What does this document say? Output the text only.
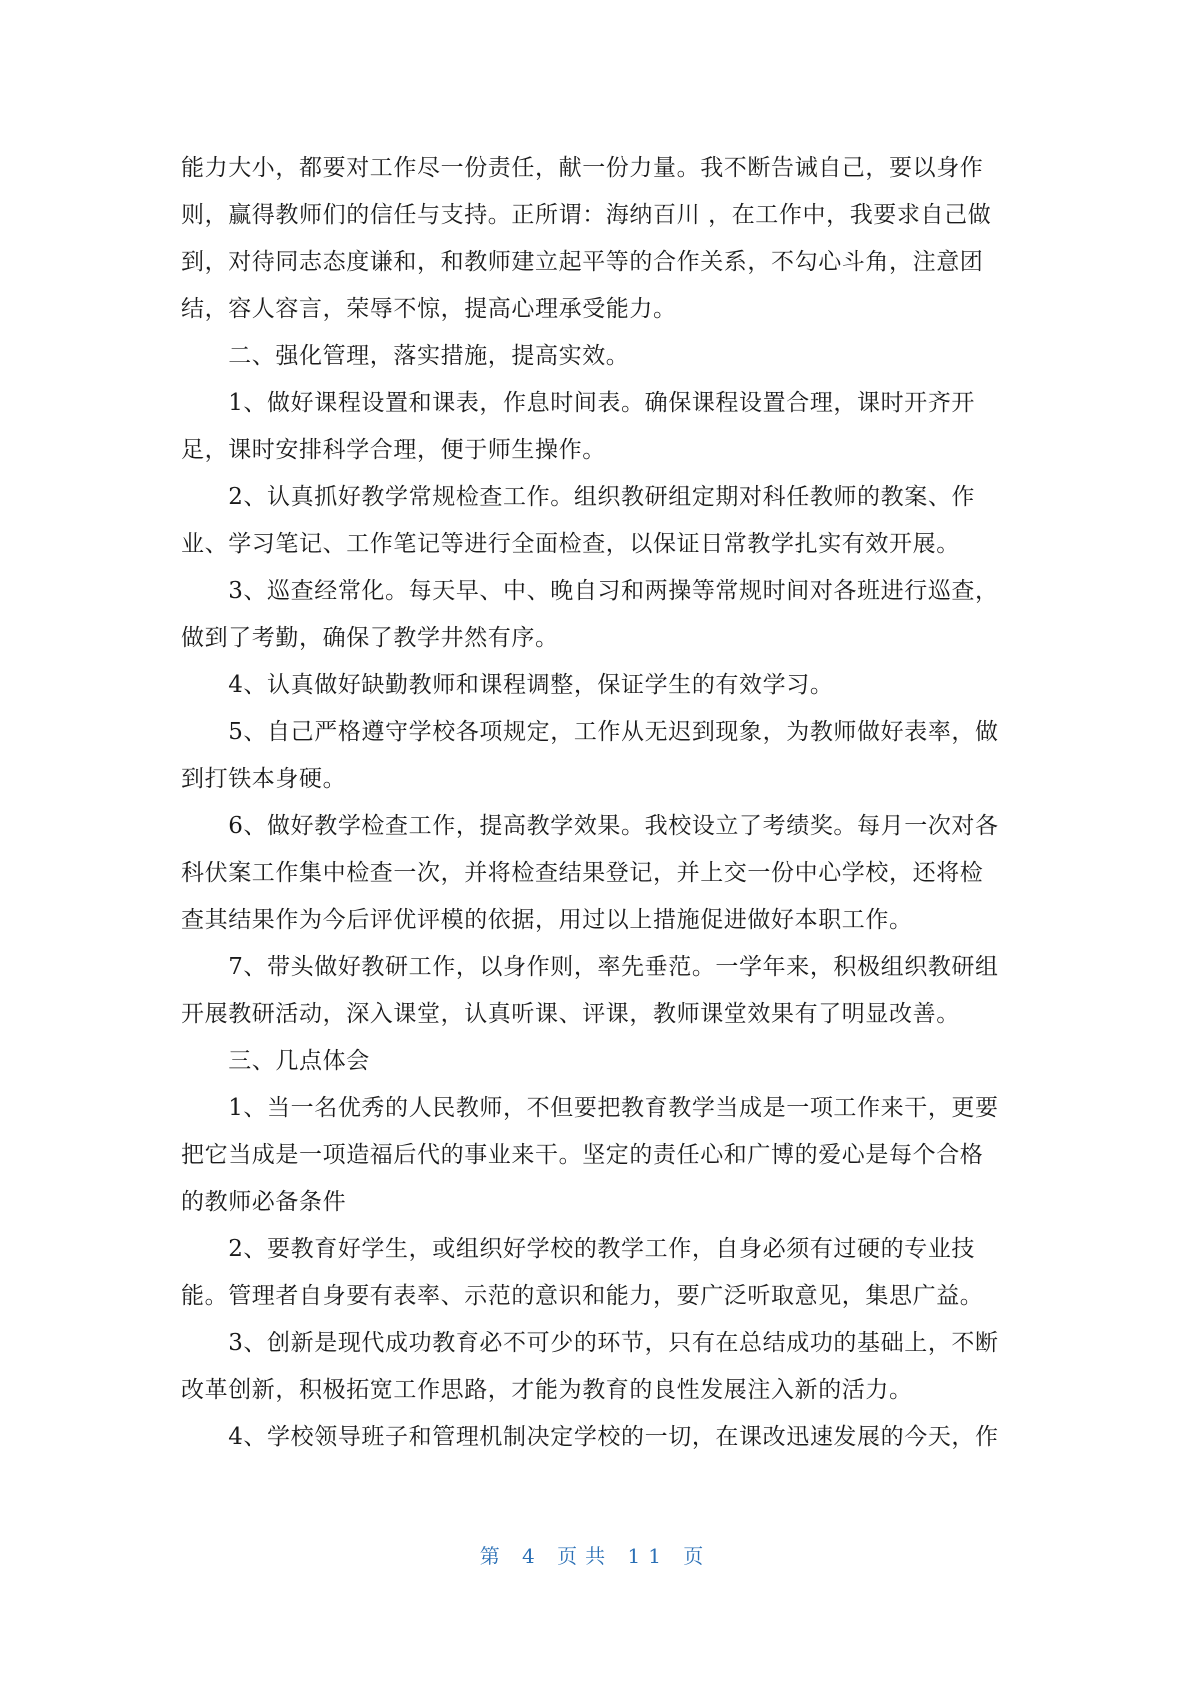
能力大小，都要对工作尽一份责任，献一份力量。我不断告诫自己，要以身作
则，赢得教师们的信任与支持。正所谓：海纳百川 ，在工作中，我要求自己做
到，对待同志态度谦和，和教师建立起平等的合作关系，不勾心斗角，注意团
结，容人容言，荣辱不惊，提高心理承受能力。
　　二、强化管理，落实措施，提高实效。
　　1、做好课程设置和课表，作息时间表。确保课程设置合理，课时开齐开
足，课时安排科学合理，便于师生操作。
　　2、认真抓好教学常规检查工作。组织教研组定期对科任教师的教案、作
业、学习笔记、工作笔记等进行全面检查，以保证日常教学扎实有效开展。
　　3、巡查经常化。每天早、中、晚自习和两操等常规时间对各班进行巡查，
做到了考勤，确保了教学井然有序。
　　4、认真做好缺勤教师和课程调整，保证学生的有效学习。
　　5、自己严格遵守学校各项规定，工作从无迟到现象，为教师做好表率，做
到打铁本身硬。
　　6、做好教学检查工作，提高教学效果。我校设立了考绩奖。每月一次对各
科伏案工作集中检查一次，并将检查结果登记，并上交一份中心学校，还将检
查其结果作为今后评优评模的依据，用过以上措施促进做好本职工作。
　　7、带头做好教研工作，以身作则，率先垂范。一学年来，积极组织教研组
开展教研活动，深入课堂，认真听课、评课，教师课堂效果有了明显改善。
　　三、几点体会
　　1、当一名优秀的人民教师，不但要把教育教学当成是一项工作来干，更要
把它当成是一项造福后代的事业来干。坚定的责任心和广博的爱心是每个合格
的教师必备条件
　　2、要教育好学生，或组织好学校的教学工作，自身必须有过硬的专业技
能。管理者自身要有表率、示范的意识和能力，要广泛听取意见，集思广益。
　　3、创新是现代成功教育必不可少的环节，只有在总结成功的基础上，不断
改革创新，积极拓宽工作思路，才能为教育的良性发展注入新的活力。
　　4、学校领导班子和管理机制决定学校的一切，在课改迅速发展的今天，作
第 4 页共 11 页
